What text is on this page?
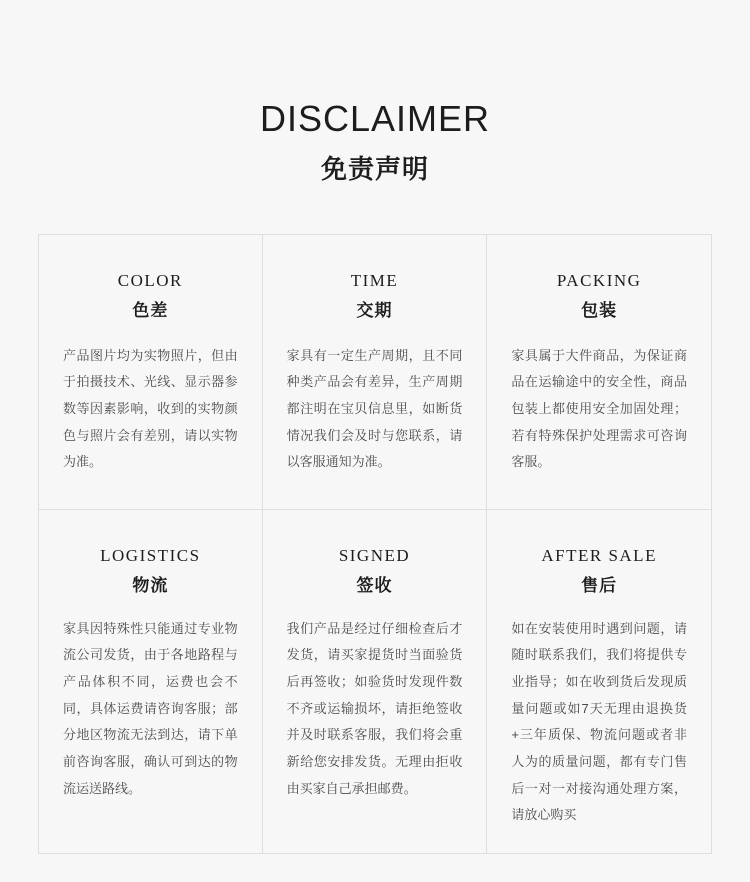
DISCLAIMER
免责声明
COLOR
色差
产品图片均为实物照片，但由于拍摄技术、光线、显示器参数等因素影响，收到的实物颜色与照片会有差别，请以实物为准。
TIME
交期
家具有一定生产周期，且不同种类产品会有差异，生产周期都注明在宝贝信息里，如断货情况我们会及时与您联系，请以客服通知为准。
PACKING
包装
家具属于大件商品，为保证商品在运输途中的安全性，商品包装上都使用安全加固处理；若有特殊保护处理需求可咨询客服。
LOGISTICS
物流
家具因特殊性只能通过专业物流公司发货，由于各地路程与产品体积不同，运费也会不同，具体运费请咨询客服；部分地区物流无法到达，请下单前咨询客服，确认可到达的物流运送路线。
SIGNED
签收
我们产品是经过仔细检查后才发货，请买家提货时当面验货后再签收；如验货时发现件数不齐或运输损坏，请拒绝签收并及时联系客服，我们将会重新给您安排发货。无理由拒收由买家自己承担邮费。
AFTER SALE
售后
如在安装使用时遇到问题，请随时联系我们，我们将提供专业指导；如在收到货后发现质量问题或如7天无理由退换货+三年质保、物流问题或者非人为的质量问题，都有专门售后一对一对接沟通处理方案，请放心购买
